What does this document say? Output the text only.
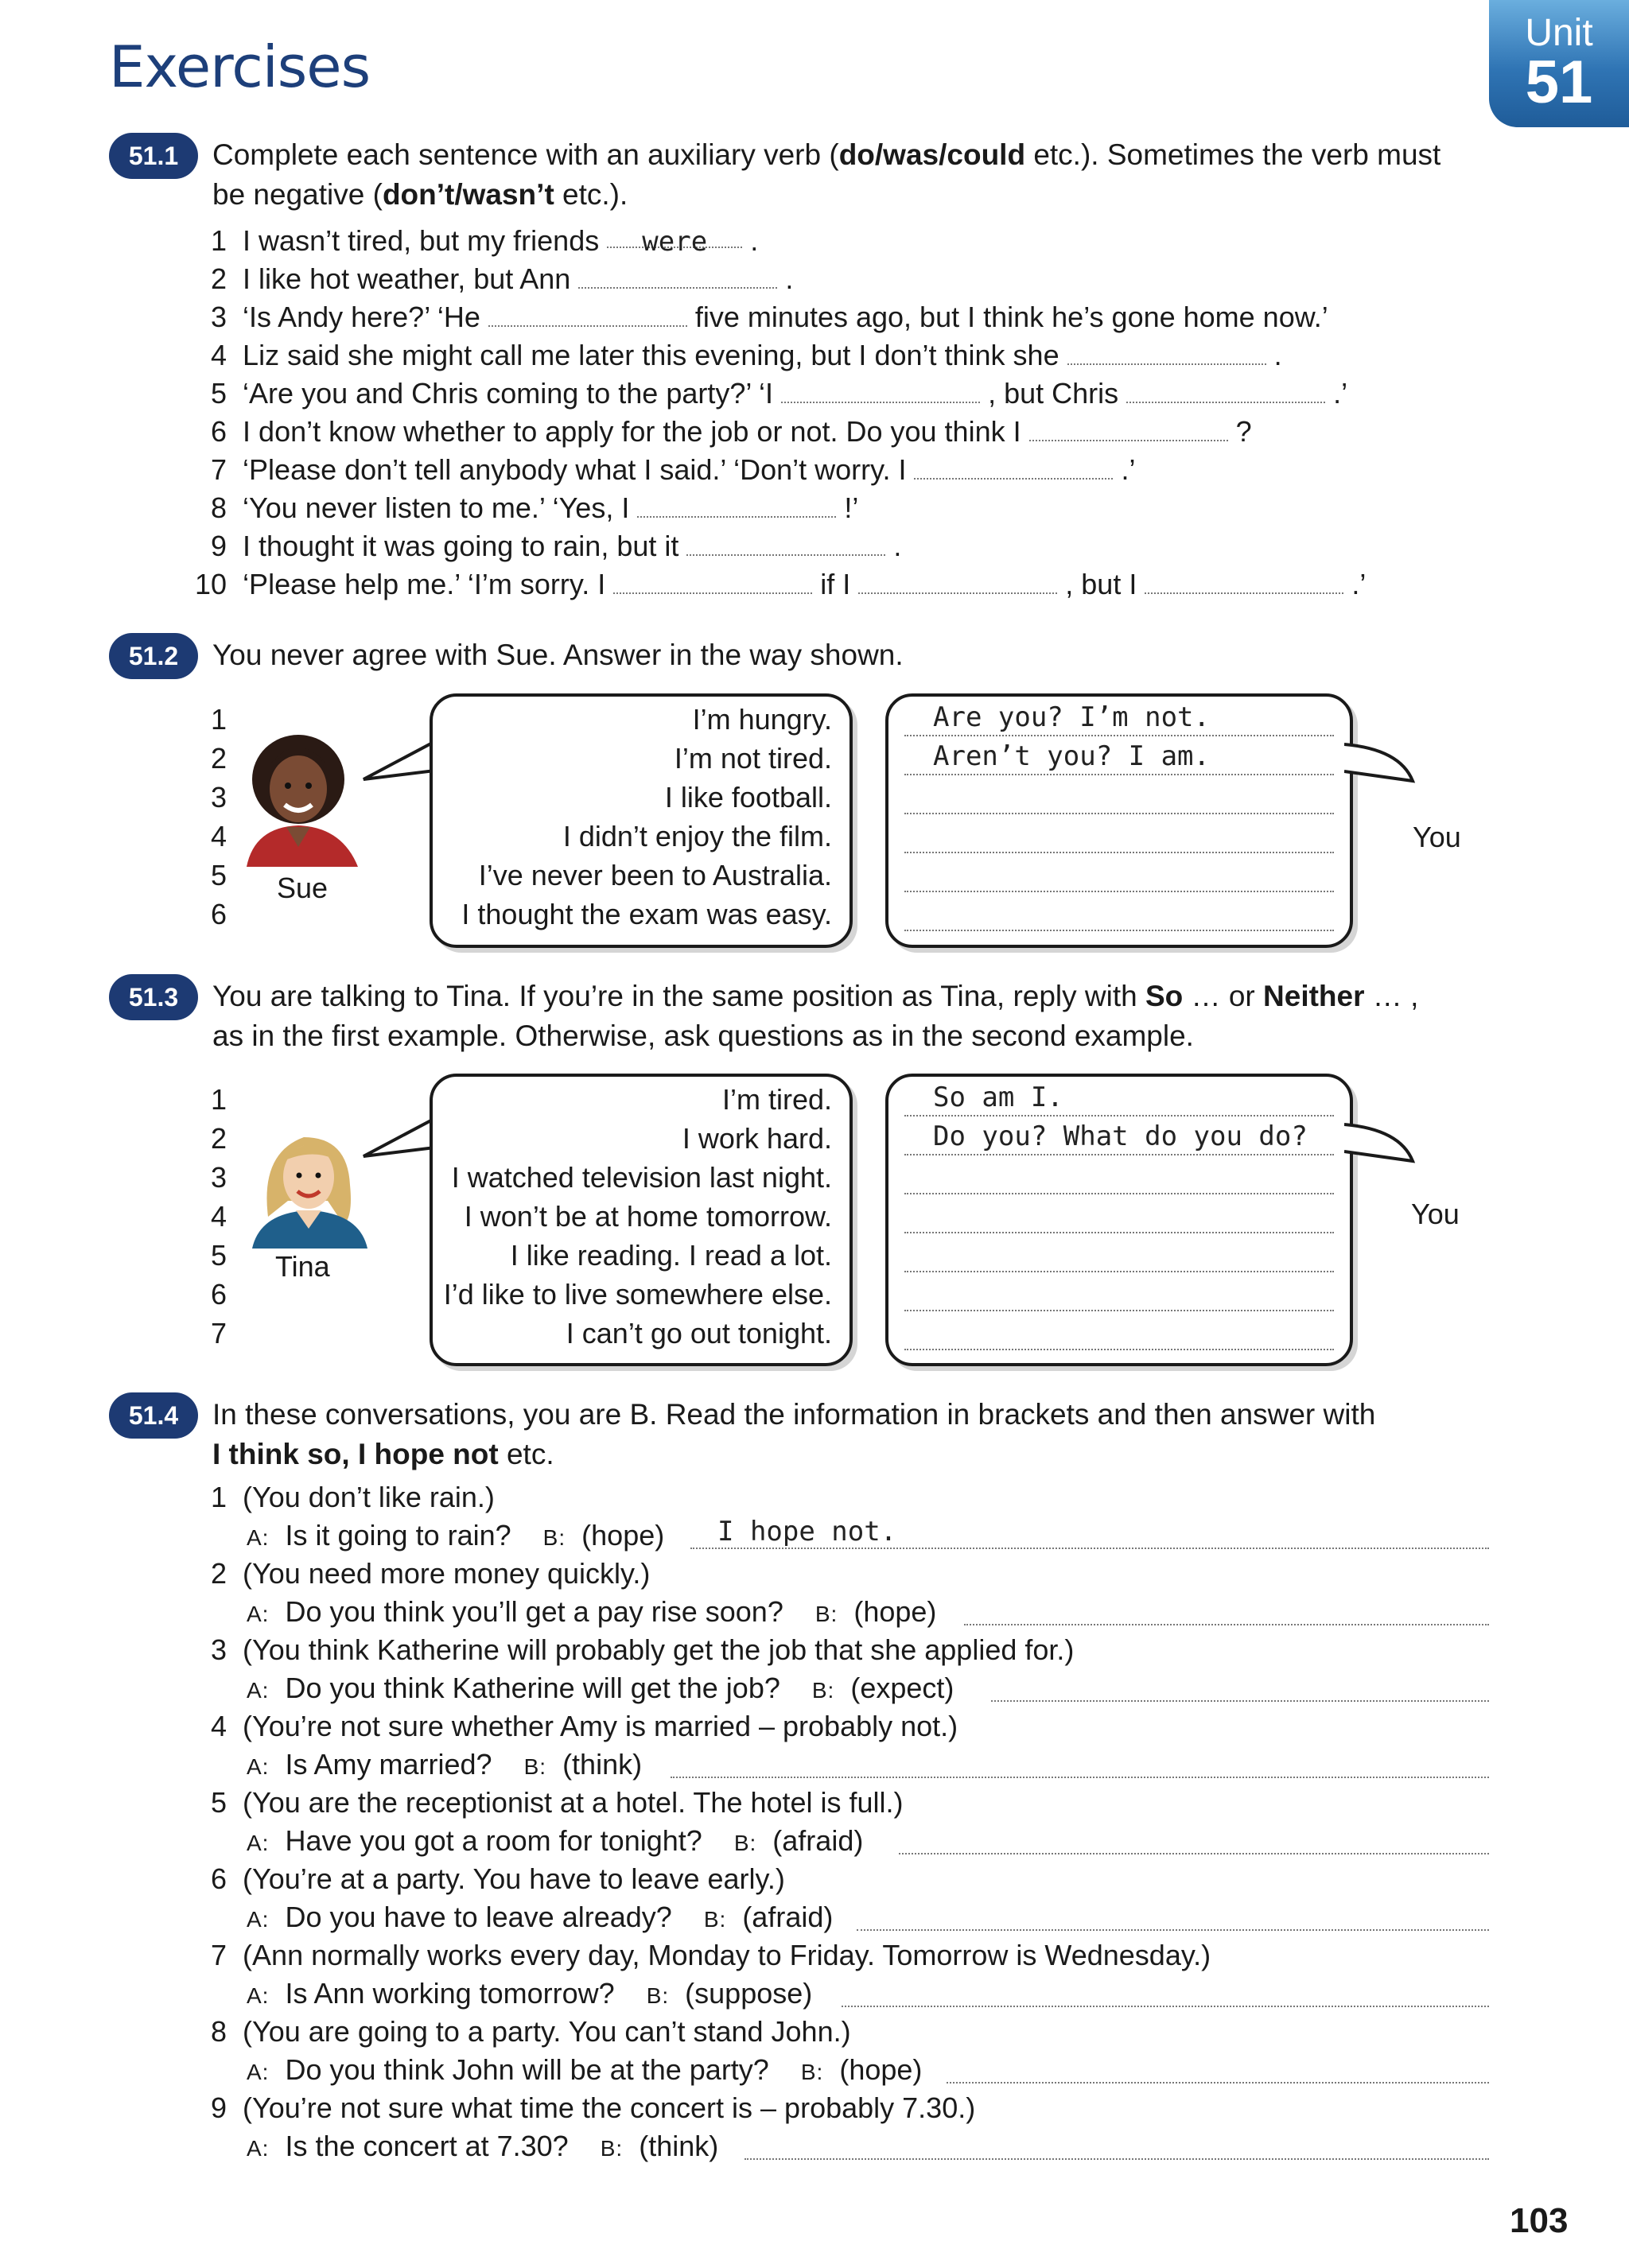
Exercises
Unit
51
51.1	Complete each sentence with an auxiliary verb (do/was/could etc.). Sometimes the verb must
be negative (don’t/wasn’t etc.).
1 I wasn’t tired, but my friends were .
2 I like hot weather, but Ann	.
3 ‘Is Andy here?’ ‘He	five minutes ago, but I think he’s gone home now.’
4 Liz said she might call me later this evening, but I don’t think she	.
5 ‘Are you and Chris coming to the party?’ ‘I	, but Chris	.’
6 I don’t know whether to apply for the job or not. Do you think I	?
7 ‘Please don’t tell anybody what I said.’ ‘Don’t worry. I	.’
8 ‘You never listen to me.’ ‘Yes, I	!’
9 I thought it was going to rain, but it	.
10 ‘Please help me.’ ‘I’m sorry. I	if I	, but I	.’
51.2	You never agree with Sue. Answer in the way shown.
1
2
3
4
5
6
Sue
I’m hungry.
I’m not tired.
I like football.
I didn’t enjoy the film.
I’ve never been to Australia.
I thought the exam was easy.
Are you? I’m not.
Aren’t you? I am.
You
51.3	You are talking to Tina. If you’re in the same position as Tina, reply with So … or Neither … ,
as in the first example. Otherwise, ask questions as in the second example.
1
2
3
4
5
6
7
Tina
I’m tired.
I work hard.
I watched television last night.
I won’t be at home tomorrow.
I like reading. I read a lot.
I’d like to live somewhere else.
I can’t go out tonight.
So am I.
Do you? What do you do?
You
51.4	In these conversations, you are B. Read the information in brackets and then answer with
I think so, I hope not etc.
1 (You don’t like rain.)
A: Is it going to rain? B: (hope) I hope not.
2 (You need more money quickly.)
A: Do you think you’ll get a pay rise soon? B: (hope)
3 (You think Katherine will probably get the job that she applied for.)
A: Do you think Katherine will get the job? B: (expect)
4 (You’re not sure whether Amy is married – probably not.)
A: Is Amy married? B: (think)
5 (You are the receptionist at a hotel. The hotel is full.)
A: Have you got a room for tonight? B: (afraid)
6 (You’re at a party. You have to leave early.)
A: Do you have to leave already? B: (afraid)
7 (Ann normally works every day, Monday to Friday. Tomorrow is Wednesday.)
A: Is Ann working tomorrow? B: (suppose)
8 (You are going to a party. You can’t stand John.)
A: Do you think John will be at the party? B: (hope)
9 (You’re not sure what time the concert is – probably 7.30.)
A: Is the concert at 7.30? B: (think)
103
